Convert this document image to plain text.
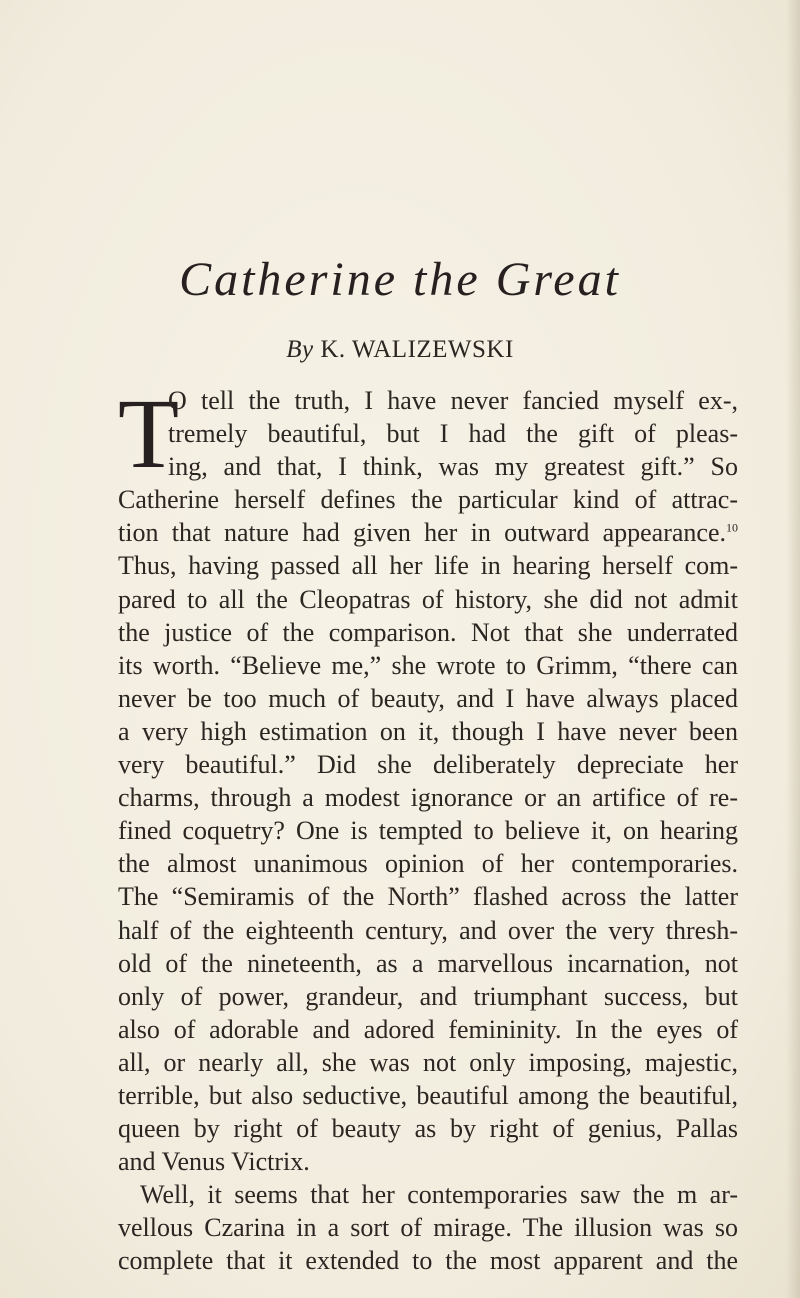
Catherine the Great
By K. WALIZEWSKI
T
O tell the truth, I have never fancied myself ex-,
tremely beautiful, but I had the gift of pleas-
ing, and that, I think, was my greatest gift.” So
Catherine herself defines the particular kind of attrac-
tion that nature had given her in outward appearance.$^{10}$
Thus, having passed all her life in hearing herself com-
pared to all the Cleopatras of history, she did not admit
the justice of the comparison. Not that she underrated
its worth. “Believe me,” she wrote to Grimm, “there can
never be too much of beauty, and I have always placed
a very high estimation on it, though I have never been
very beautiful.” Did she deliberately depreciate her
charms, through a modest ignorance or an artifice of re-
fined coquetry? One is tempted to believe it, on hearing
the almost unanimous opinion of her contemporaries.
The “Semiramis of the North” flashed across the latter
half of the eighteenth century, and over the very thresh-
old of the nineteenth, as a marvellous incarnation, not
only of power, grandeur, and triumphant success, but
also of adorable and adored femininity. In the eyes of
all, or nearly all, she was not only imposing, majestic,
terrible, but also seductive, beautiful among the beautiful,
queen by right of beauty as by right of genius, Pallas
and Venus Victrix.
Well, it seems that her contemporaries saw the m ar-
vellous Czarina in a sort of mirage. The illusion was so
complete that it extended to the most apparent and the
